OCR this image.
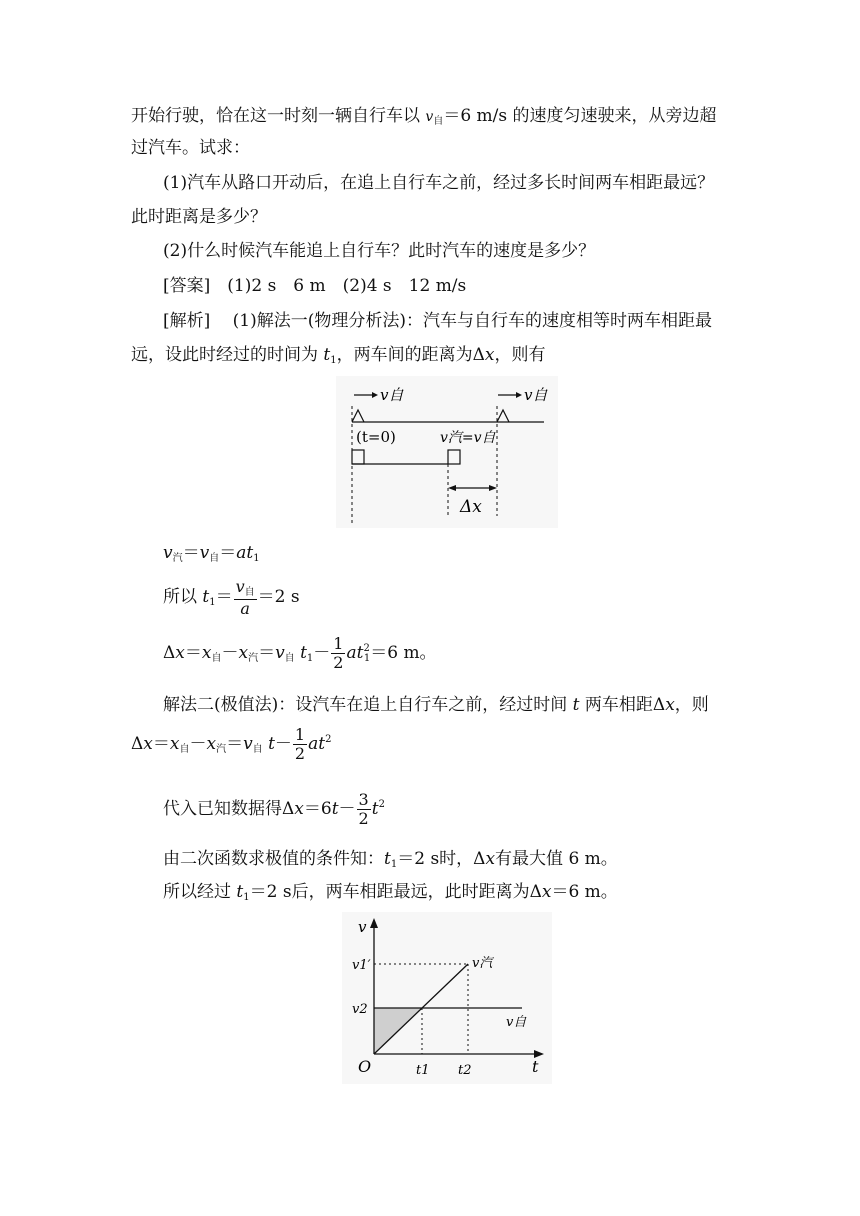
开始行驶，恰在这一时刻一辆自行车以 v自＝6 m/s 的速度匀速驶来，从旁边超
过汽车。试求：
(1)汽车从路口开动后，在追上自行车之前，经过多长时间两车相距最远？
此时距离是多少？
(2)什么时候汽车能追上自行车？此时汽车的速度是多少？
[答案]　(1)2 s　6 m　(2)4 s　12 m/s
[解析]　 (1)解法一(物理分析法)：汽车与自行车的速度相等时两车相距最
远，设此时经过的时间为 t1，两车间的距离为Δx，则有
v自	v自
(t=0)	v汽=v自
Δx
v汽＝v自＝at1
所以 $t1= \frac{\text{v自}}{a} =2$ s
Δx＝x自－x汽＝v自 $t1- \frac{1}{2} at^21=6$ m。
解法二(极值法)：设汽车在追上自行车之前，经过时间 t 两车相距Δx，则
Δx＝x自－x汽＝v自 $t- \frac{1}{2} at^2$
代入已知数据得$\Delta x=6t- \frac{3}{2} t^2$
由二次函数求极值的条件知：t1＝2 s时，Δx有最大值 6 m。
所以经过 t1＝2 s后，两车相距最远，此时距离为Δx＝6 m。
v
t
O
v1′
v2
t1 t2
v汽
v自
